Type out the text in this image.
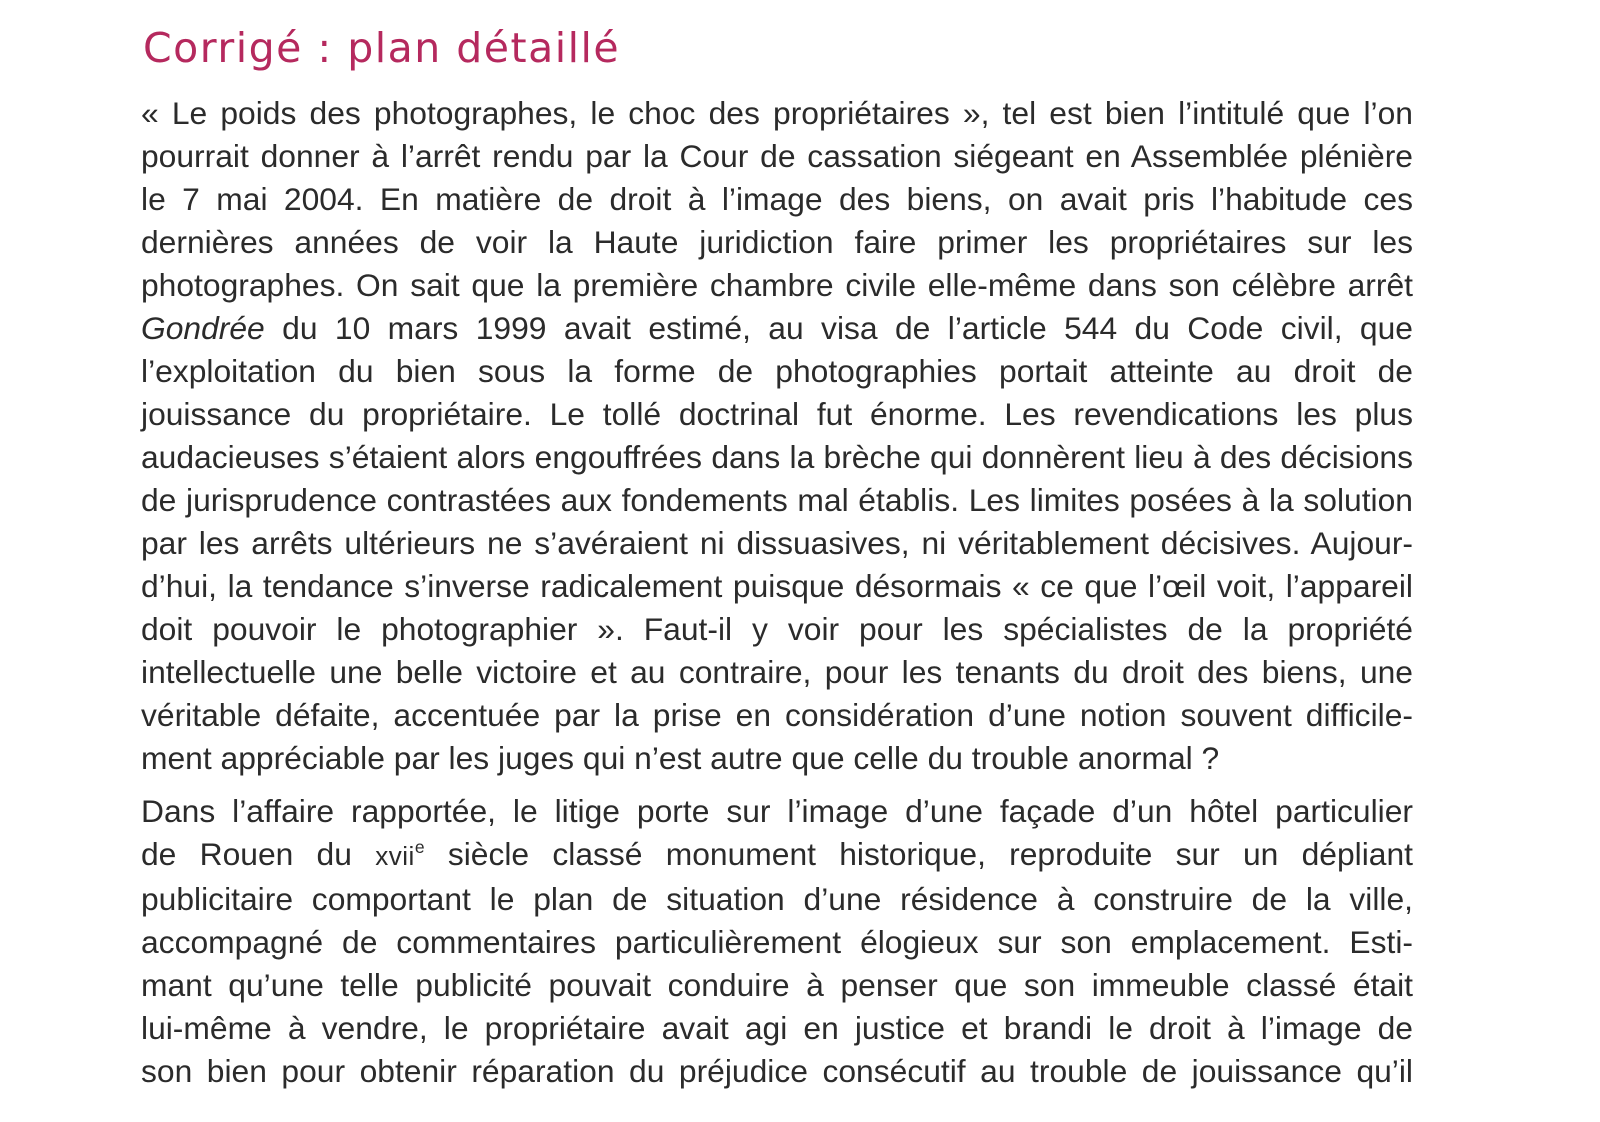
Corrigé : plan détaillé
« Le poids des photographes, le choc des propriétaires », tel est bien l’intitulé que l’on
pourrait donner à l’arrêt rendu par la Cour de cassation siégeant en Assemblée plénière
le 7 mai 2004. En matière de droit à l’image des biens, on avait pris l’habitude ces
dernières années de voir la Haute juridiction faire primer les propriétaires sur les
photographes. On sait que la première chambre civile elle-même dans son célèbre arrêt
Gondrée du 10 mars 1999 avait estimé, au visa de l’article 544 du Code civil, que
l’exploitation du bien sous la forme de photographies portait atteinte au droit de
jouissance du propriétaire. Le tollé doctrinal fut énorme. Les revendications les plus
audacieuses s’étaient alors engouffrées dans la brèche qui donnèrent lieu à des décisions
de jurisprudence contrastées aux fondements mal établis. Les limites posées à la solution
par les arrêts ultérieurs ne s’avéraient ni dissuasives, ni véritablement décisives. Aujour-
d’hui, la tendance s’inverse radicalement puisque désormais « ce que l’œil voit, l’appareil
doit pouvoir le photographier ». Faut-il y voir pour les spécialistes de la propriété
intellectuelle une belle victoire et au contraire, pour les tenants du droit des biens, une
véritable défaite, accentuée par la prise en considération d’une notion souvent difficile-
ment appréciable par les juges qui n’est autre que celle du trouble anormal ?
Dans l’affaire rapportée, le litige porte sur l’image d’une façade d’un hôtel particulier
de Rouen du xvii$^e$ siècle classé monument historique, reproduite sur un dépliant
publicitaire comportant le plan de situation d’une résidence à construire de la ville,
accompagné de commentaires particulièrement élogieux sur son emplacement. Esti-
mant qu’une telle publicité pouvait conduire à penser que son immeuble classé était
lui-même à vendre, le propriétaire avait agi en justice et brandi le droit à l’image de
son bien pour obtenir réparation du préjudice consécutif au trouble de jouissance qu’il
